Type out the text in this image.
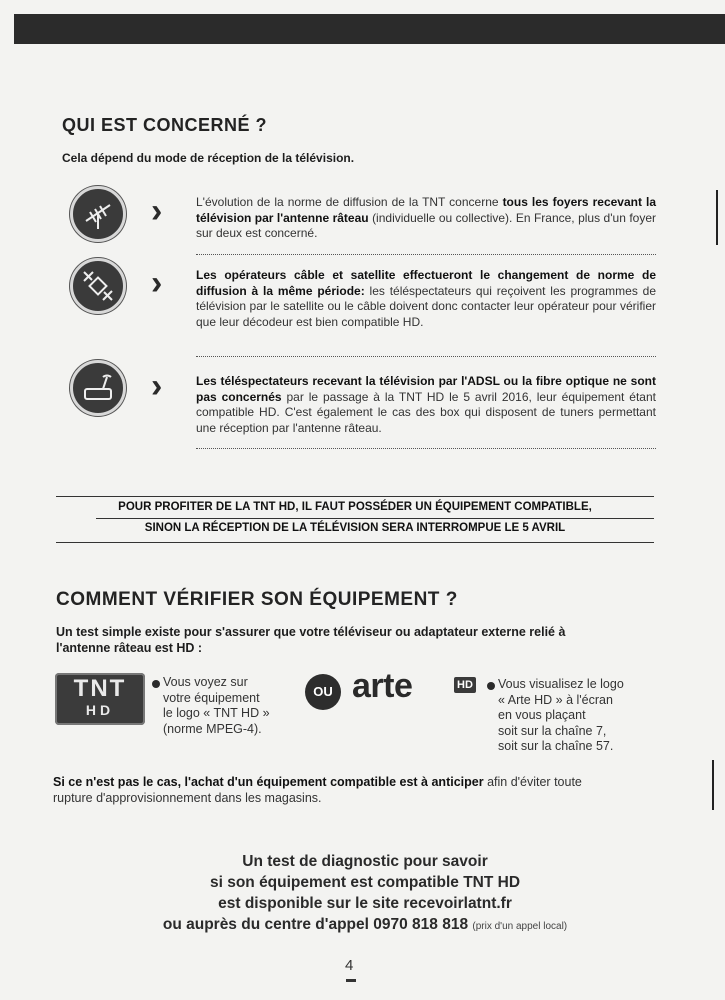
QUI EST CONCERNÉ ?
Cela dépend du mode de réception de la télévision.
›	L'évolution de la norme de diffusion de la TNT concerne tous les foyers recevant la télévision par l'antenne râteau (individuelle ou collective). En France, plus d'un foyer sur deux est concerné.
›	Les opérateurs câble et satellite effectueront le changement de norme de diffusion à la même période: les téléspectateurs qui reçoivent les programmes de télévision par le satellite ou le câble doivent donc contacter leur opérateur pour vérifier que leur décodeur est bien compatible HD.
›	Les téléspectateurs recevant la télévision par l'ADSL ou la fibre optique ne sont pas concernés par le passage à la TNT HD le 5 avril 2016, leur équipement étant compatible HD. C'est également le cas des box qui disposent de tuners permettant une réception par l'antenne râteau.
POUR PROFITER DE LA TNT HD, IL FAUT POSSÉDER UN ÉQUIPEMENT COMPATIBLE,
SINON LA RÉCEPTION DE LA TÉLÉVISION SERA INTERROMPUE LE 5 AVRIL
COMMENT VÉRIFIER SON ÉQUIPEMENT ?
Un test simple existe pour s'assurer que votre téléviseur ou adaptateur externe relié à
l'antenne râteau est HD :
TNT
HD
Vous voyez sur
votre équipement
le logo « TNT HD »
(norme MPEG-4).
OU arte	HD Vous visualisez le logo
« Arte HD » à l'écran
en vous plaçant
soit sur la chaîne 7,
soit sur la chaîne 57.
Si ce n'est pas le cas, l'achat d'un équipement compatible est à anticiper afin d'éviter toute
rupture d'approvisionnement dans les magasins.
Un test de diagnostic pour savoir
si son équipement est compatible TNT HD
est disponible sur le site recevoirlatnt.fr
ou auprès du centre d'appel 0970 818 818 (prix d'un appel local)
4
